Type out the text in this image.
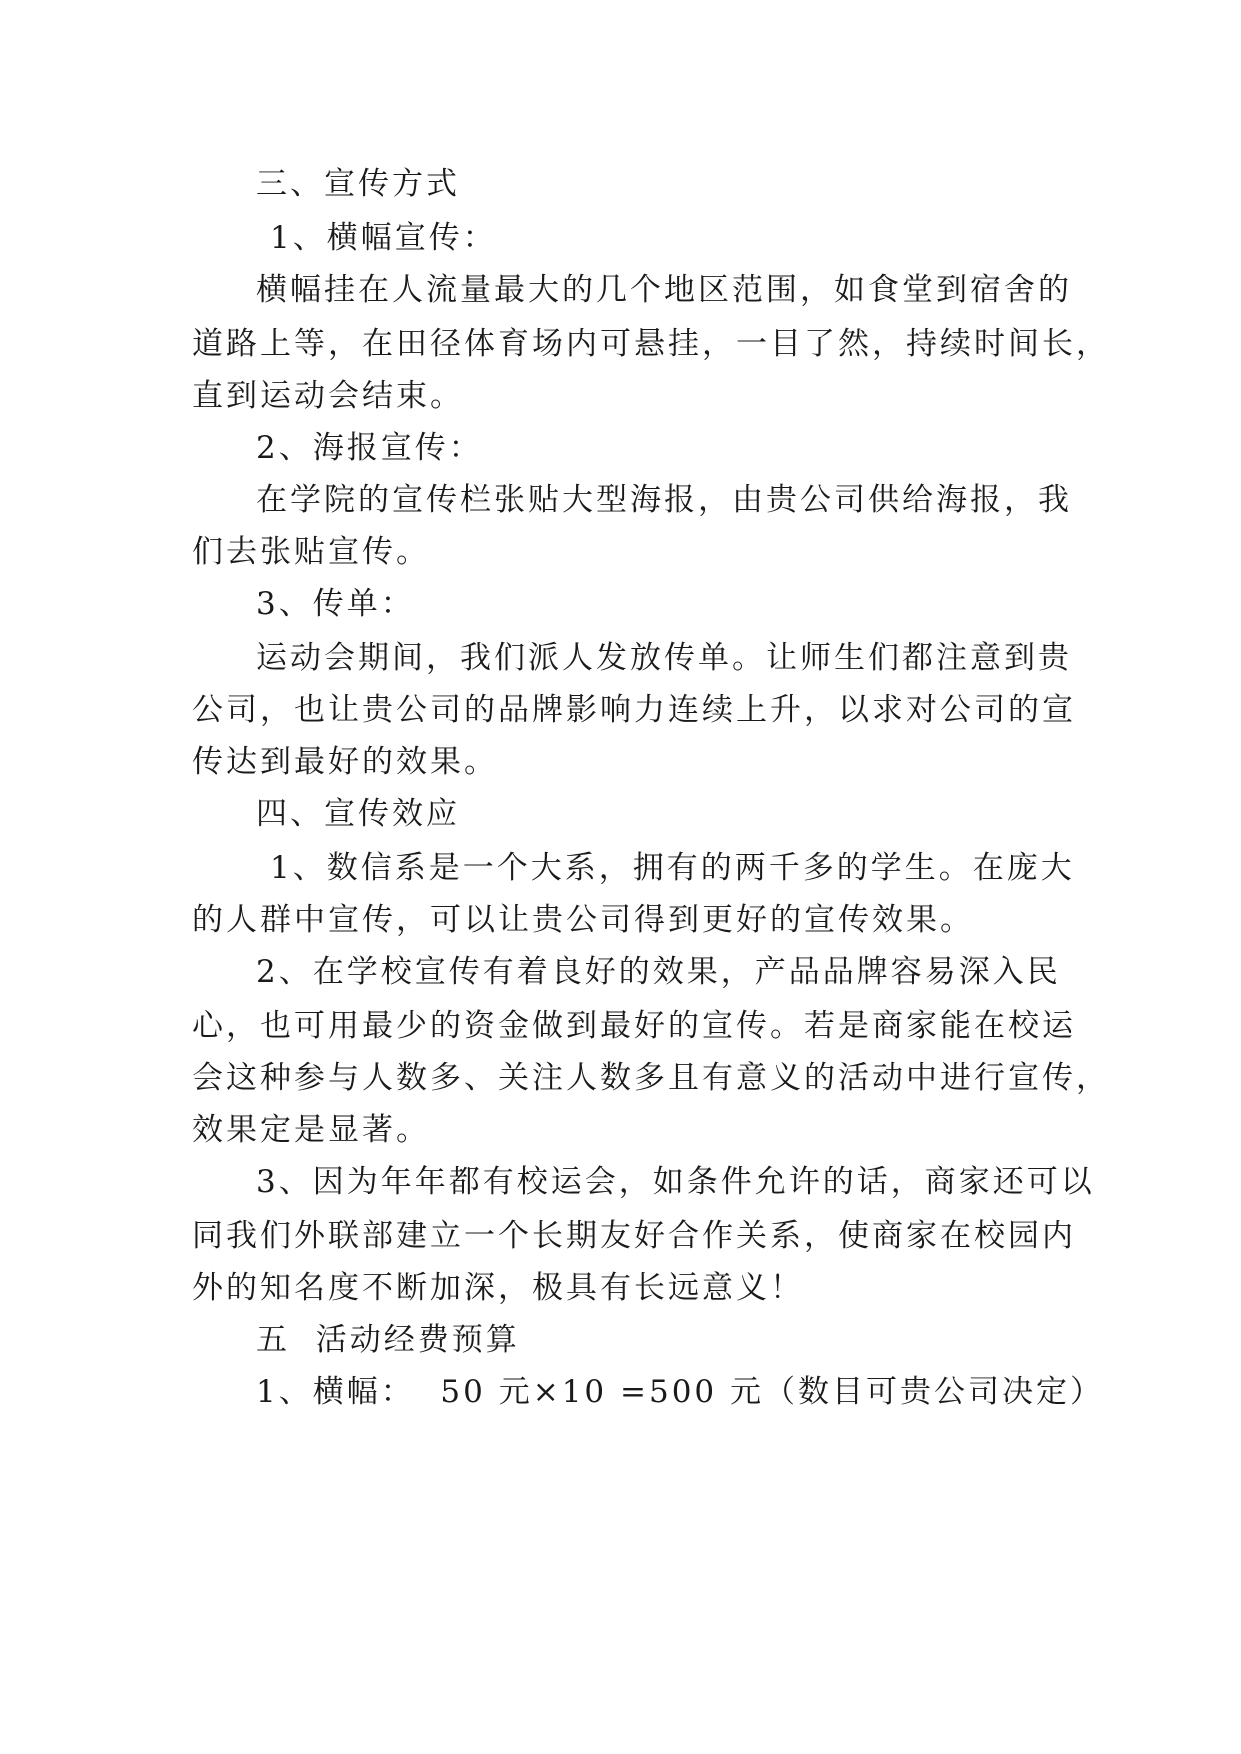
三、宣传方式
1、横幅宣传：
横幅挂在人流量最大的几个地区范围，如食堂到宿舍的
道路上等，在田径体育场内可悬挂，一目了然，持续时间长，
直到运动会结束。
2、海报宣传：
在学院的宣传栏张贴大型海报，由贵公司供给海报，我
们去张贴宣传。
3、传单：
运动会期间，我们派人发放传单。让师生们都注意到贵
公司，也让贵公司的品牌影响力连续上升，以求对公司的宣
传达到最好的效果。
四、宣传效应
1、数信系是一个大系，拥有的两千多的学生。在庞大
的人群中宣传，可以让贵公司得到更好的宣传效果。
2、在学校宣传有着良好的效果，产品品牌容易深入民
心，也可用最少的资金做到最好的宣传。若是商家能在校运
会这种参与人数多、关注人数多且有意义的活动中进行宣传，
效果定是显著。
3、因为年年都有校运会，如条件允许的话，商家还可以
同我们外联部建立一个长期友好合作关系，使商家在校园内
外的知名度不断加深，极具有长远意义！
五  活动经费预算
1、横幅：  50 元×10 =500 元（数目可贵公司决定）
